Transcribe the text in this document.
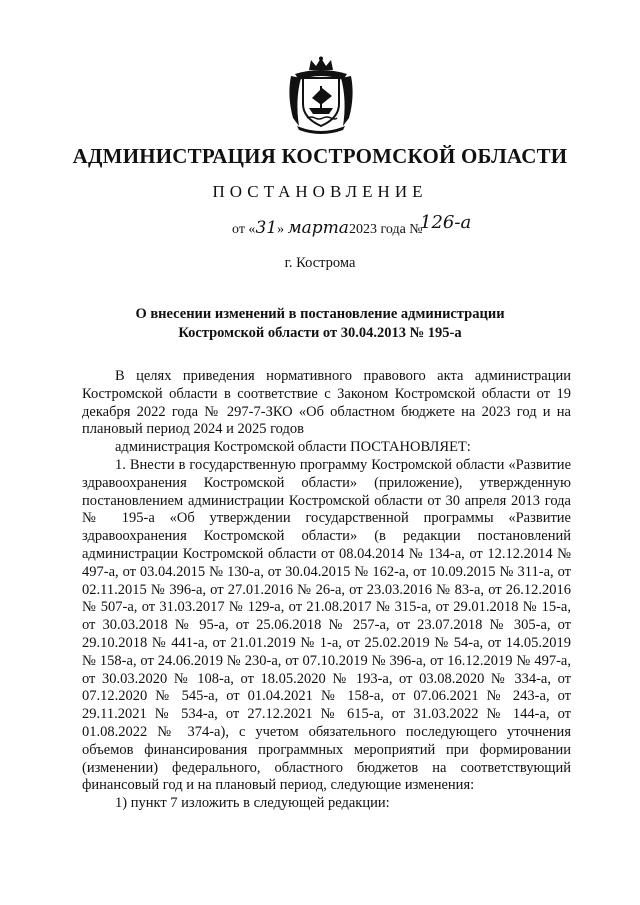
АДМИНИСТРАЦИЯ КОСТРОМСКОЙ ОБЛАСТИ
ПОСТАНОВЛЕНИЕ
от «31» марта2023 года №
126-а
г. Кострома
О внесении изменений в постановление администрации
Костромской области от 30.04.2013 № 195-а

В целях приведения нормативного правового акта администрации Костромской области в соответствие с Законом Костромской области от 19 декабря 2022 года № 297-7-ЗКО «Об областном бюджете на 2023 год и на плановый период 2024 и 2025 годов

администрация Костромской области ПОСТАНОВЛЯЕТ:

1. Внести в государственную программу Костромской области «Развитие здравоохранения Костромской области» (приложение), утвержденную постановлением администрации Костромской области от 30 апреля 2013 года № 195-а «Об утверждении государственной программы «Развитие здравоохранения Костромской области» (в редакции постановлений администрации Костромской области от 08.04.2014 № 134-а, от 12.12.2014 № 497-а, от 03.04.2015 № 130-а, от 30.04.2015 № 162-а, от 10.09.2015 № 311-а, от 02.11.2015 № 396-а, от 27.01.2016 № 26-а, от 23.03.2016 № 83-а, от 26.12.2016 № 507-а, от 31.03.2017 № 129-а, от 21.08.2017 № 315-а, от 29.01.2018 № 15-а, от 30.03.2018 № 95-а, от 25.06.2018 № 257-а, от 23.07.2018 № 305-а, от 29.10.2018 № 441-а, от 21.01.2019 № 1-а, от 25.02.2019 № 54-а, от 14.05.2019 № 158-а, от 24.06.2019 № 230-а, от 07.10.2019 № 396-а, от 16.12.2019 № 497-а, от 30.03.2020 № 108-а, от 18.05.2020 № 193-а, от 03.08.2020 № 334-а, от 07.12.2020 № 545-а, от 01.04.2021 № 158-а, от 07.06.2021 № 243-а, от 29.11.2021 № 534-а, от 27.12.2021 № 615-а, от 31.03.2022 № 144-а, от 01.08.2022 № 374-а), с учетом обязательного последующего уточнения объемов финансирования программных мероприятий при формировании (изменении) федерального, областного бюджетов на соответствующий финансовый год и на плановый период, следующие изменения:

1) пункт 7 изложить в следующей редакции:
